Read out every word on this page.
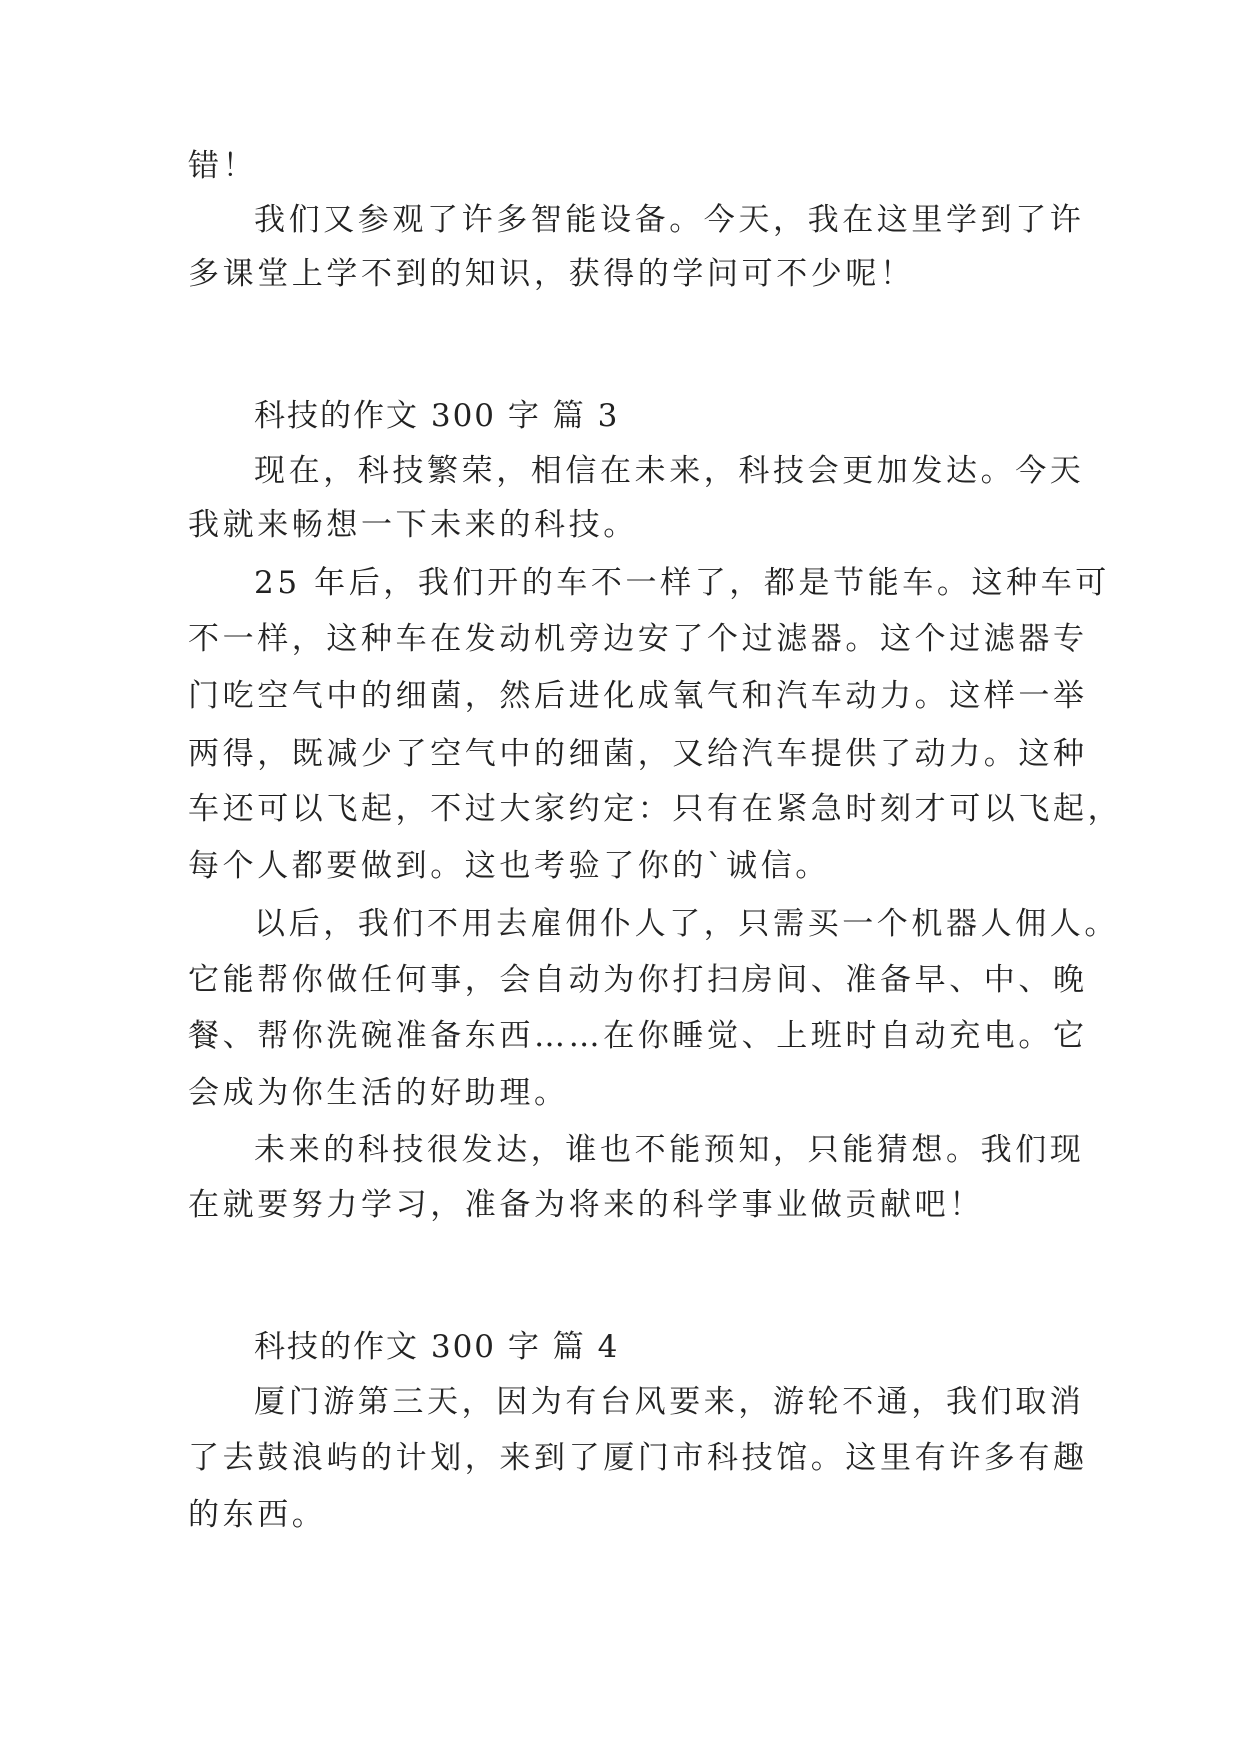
错！
我们又参观了许多智能设备。今天，我在这里学到了许
多课堂上学不到的知识，获得的学问可不少呢！
科技的作文 300 字 篇 3
现在，科技繁荣，相信在未来，科技会更加发达。今天
我就来畅想一下未来的科技。
25 年后，我们开的车不一样了，都是节能车。这种车可
不一样，这种车在发动机旁边安了个过滤器。这个过滤器专
门吃空气中的细菌，然后进化成氧气和汽车动力。这样一举
两得，既减少了空气中的细菌，又给汽车提供了动力。这种
车还可以飞起，不过大家约定：只有在紧急时刻才可以飞起，
每个人都要做到。这也考验了你的`诚信。
以后，我们不用去雇佣仆人了，只需买一个机器人佣人。
它能帮你做任何事，会自动为你打扫房间、准备早、中、晚
餐、帮你洗碗准备东西……在你睡觉、上班时自动充电。它
会成为你生活的好助理。
未来的科技很发达，谁也不能预知，只能猜想。我们现
在就要努力学习，准备为将来的科学事业做贡献吧！
科技的作文 300 字 篇 4
厦门游第三天，因为有台风要来，游轮不通，我们取消
了去鼓浪屿的计划，来到了厦门市科技馆。这里有许多有趣
的东西。
